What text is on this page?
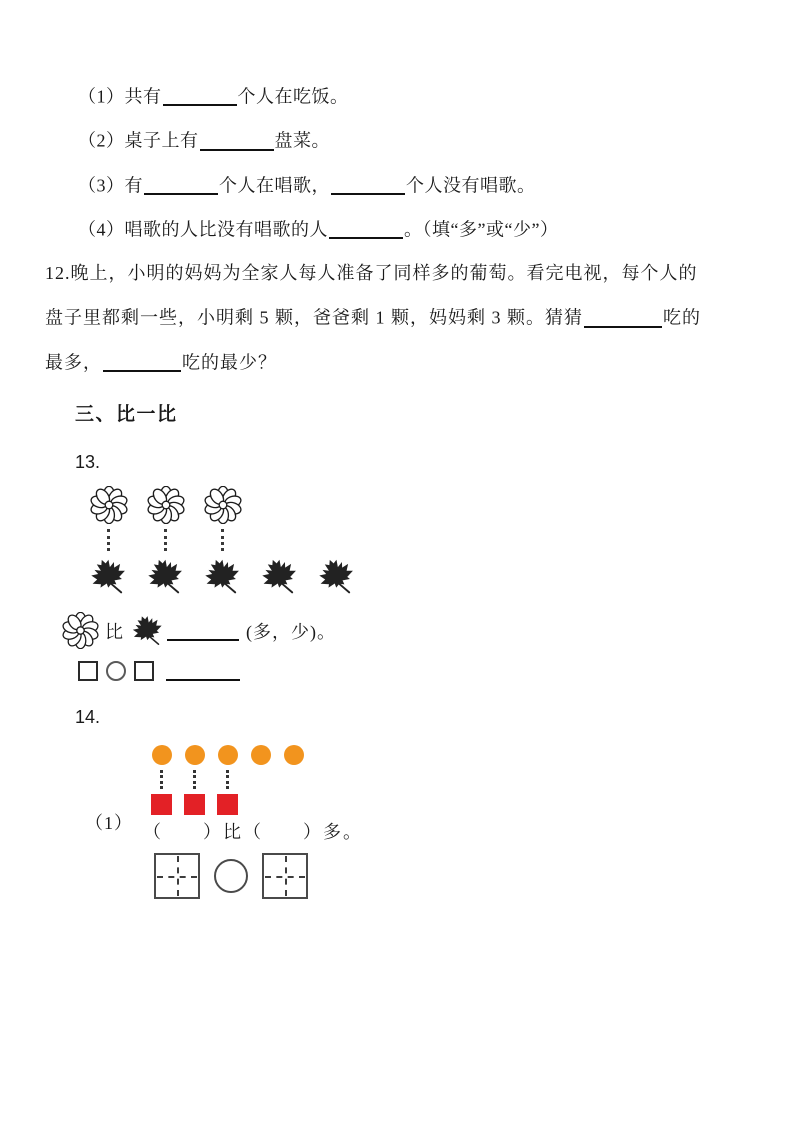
（1）共有	个人在吃饭。
（2）桌子上有	盘菜。
（3）有	个人在唱歌，	个人没有唱歌。
（4）唱歌的人比没有唱歌的人	。（填“多”或“少”）
12.晚上，小明的妈妈为全家人每人准备了同样多的葡萄。看完电视，每个人的
盘子里都剩一些，小明剩 5 颗，爸爸剩 1 颗，妈妈剩 3 颗。猜猜	吃的
最多，	吃的最少？
三、比一比
13.
比	(多，少)。
14.
（1） （　　）比（　　）多。
